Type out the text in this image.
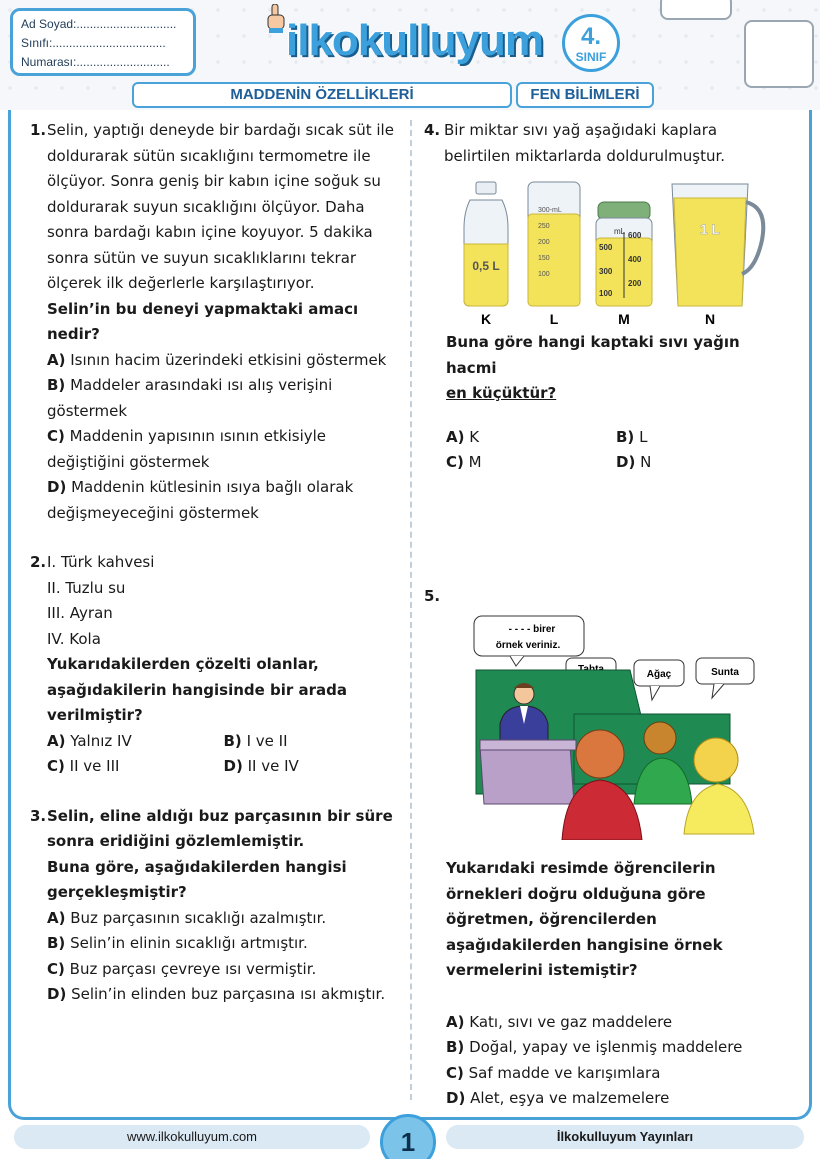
Ad Soyad:..............................
Sınıfı:..................................
Numarası:............................	ilkokulluyum	4.
SINIF
MADDENİN ÖZELLİKLERİ	FEN BİLİMLERİ
1. Selin, yaptığı deneyde bir bardağı sıcak süt ile doldurarak sütün sıcaklığını termometre ile ölçüyor. Sonra geniş bir kabın içine soğuk su doldurarak suyun sıcaklığını ölçüyor. Daha sonra bardağı kabın içine koyuyor. 5 dakika sonra sütün ve suyun sıcaklıklarını tekrar ölçerek ilk değerlerle karşılaştırıyor.
Selin’in bu deneyi yapmaktaki amacı nedir?
A) Isının hacim üzerindeki etkisini göstermek
B) Maddeler arasındaki ısı alış verişini göstermek
C) Maddenin yapısının ısının etkisiyle değiştiğini göstermek
D) Maddenin kütlesinin ısıya bağlı olarak değişmeyeceğini göstermek
2. I. Türk kahvesi
II. Tuzlu su
III. Ayran
IV. Kola
Yukarıdakilerden çözelti olanlar, aşağıdakilerin hangisinde bir arada verilmiştir?
A) Yalnız IV	B) I ve II
C) II ve III	D) II ve IV
3. Selin, eline aldığı buz parçasının bir süre sonra eridiğini gözlemlemiştir.
Buna göre, aşağıdakilerden hangisi gerçekleşmiştir?
A) Buz parçasının sıcaklığı azalmıştır.
B) Selin’in elinin sıcaklığı artmıştır.
C) Buz parçası çevreye ısı vermiştir.
D) Selin’in elinden buz parçasına ısı akmıştır.
4. Bir miktar sıvı yağ aşağıdaki kaplara belirtilen miktarlarda doldurulmuştur.
0,5 L
300-mL
250
200
150
100
mL
500
300
100
600
400
200
1 L
K	L	M	N
Buna göre hangi kaptaki sıvı yağın hacmi
en küçüktür?
A) K	B) L
C) M	D) N
5.
- - - - birer
örnek veriniz.
Ağaç	Sunta
Yukarıdaki resimde öğrencilerin örnekleri doğru olduğuna göre öğretmen, öğrencilerden aşağıdakilerden hangisine örnek vermelerini istemiştir?
A) Katı, sıvı ve gaz maddelere
B) Doğal, yapay ve işlenmiş maddelere
C) Saf madde ve karışımlara
D) Alet, eşya ve malzemelere
www.ilkokulluyum.com	1	İlkokulluyum Yayınları
